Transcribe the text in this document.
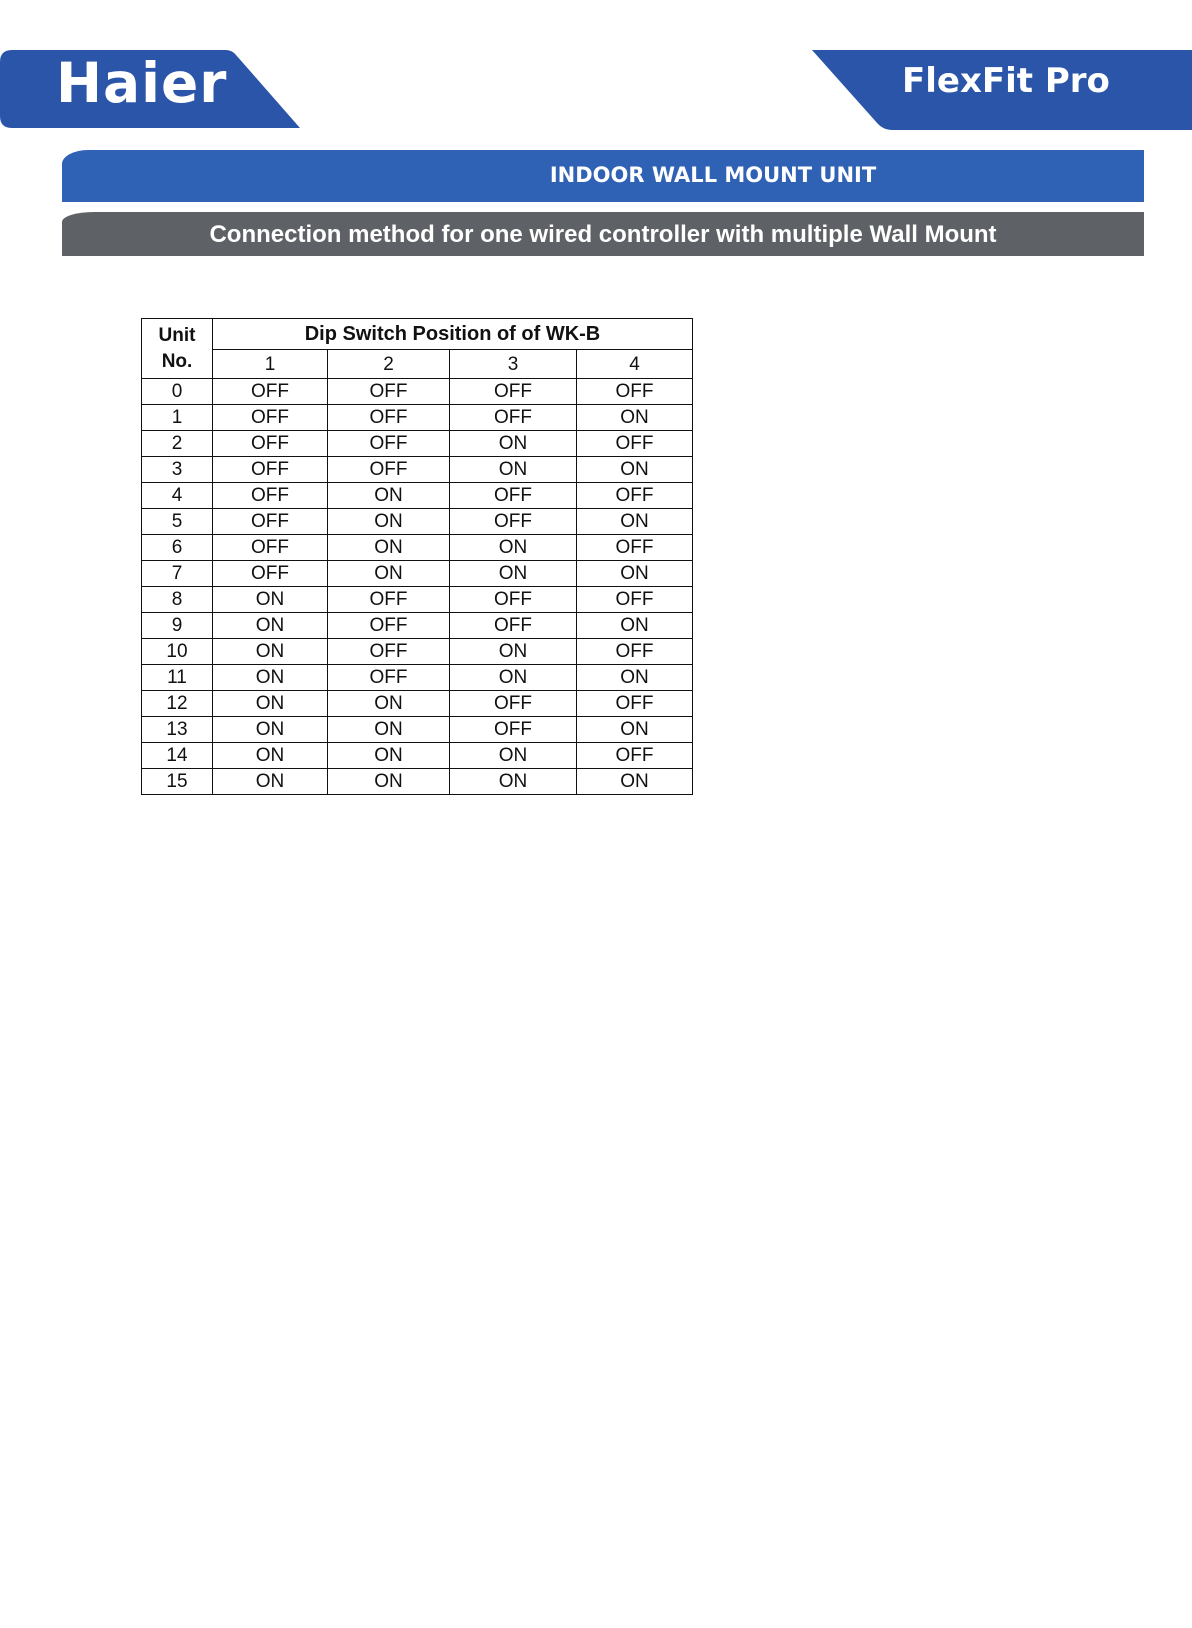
Haier	FlexFit Pro
INDOOR WALL MOUNT UNIT
Connection method for one wired controller with multiple Wall Mount
Unit
No.	Dip Switch Position of of WK-B			
	1	2	3	4
0	OFF	OFF	OFF	OFF
1	OFF	OFF	OFF	ON
2	OFF	OFF	ON	OFF
3	OFF	OFF	ON	ON
4	OFF	ON	OFF	OFF
5	OFF	ON	OFF	ON
6	OFF	ON	ON	OFF
7	OFF	ON	ON	ON
8	ON	OFF	OFF	OFF
9	ON	OFF	OFF	ON
10	ON	OFF	ON	OFF
11	ON	OFF	ON	ON
12	ON	ON	OFF	OFF
13	ON	ON	OFF	ON
14	ON	ON	ON	OFF
15	ON	ON	ON	ON
